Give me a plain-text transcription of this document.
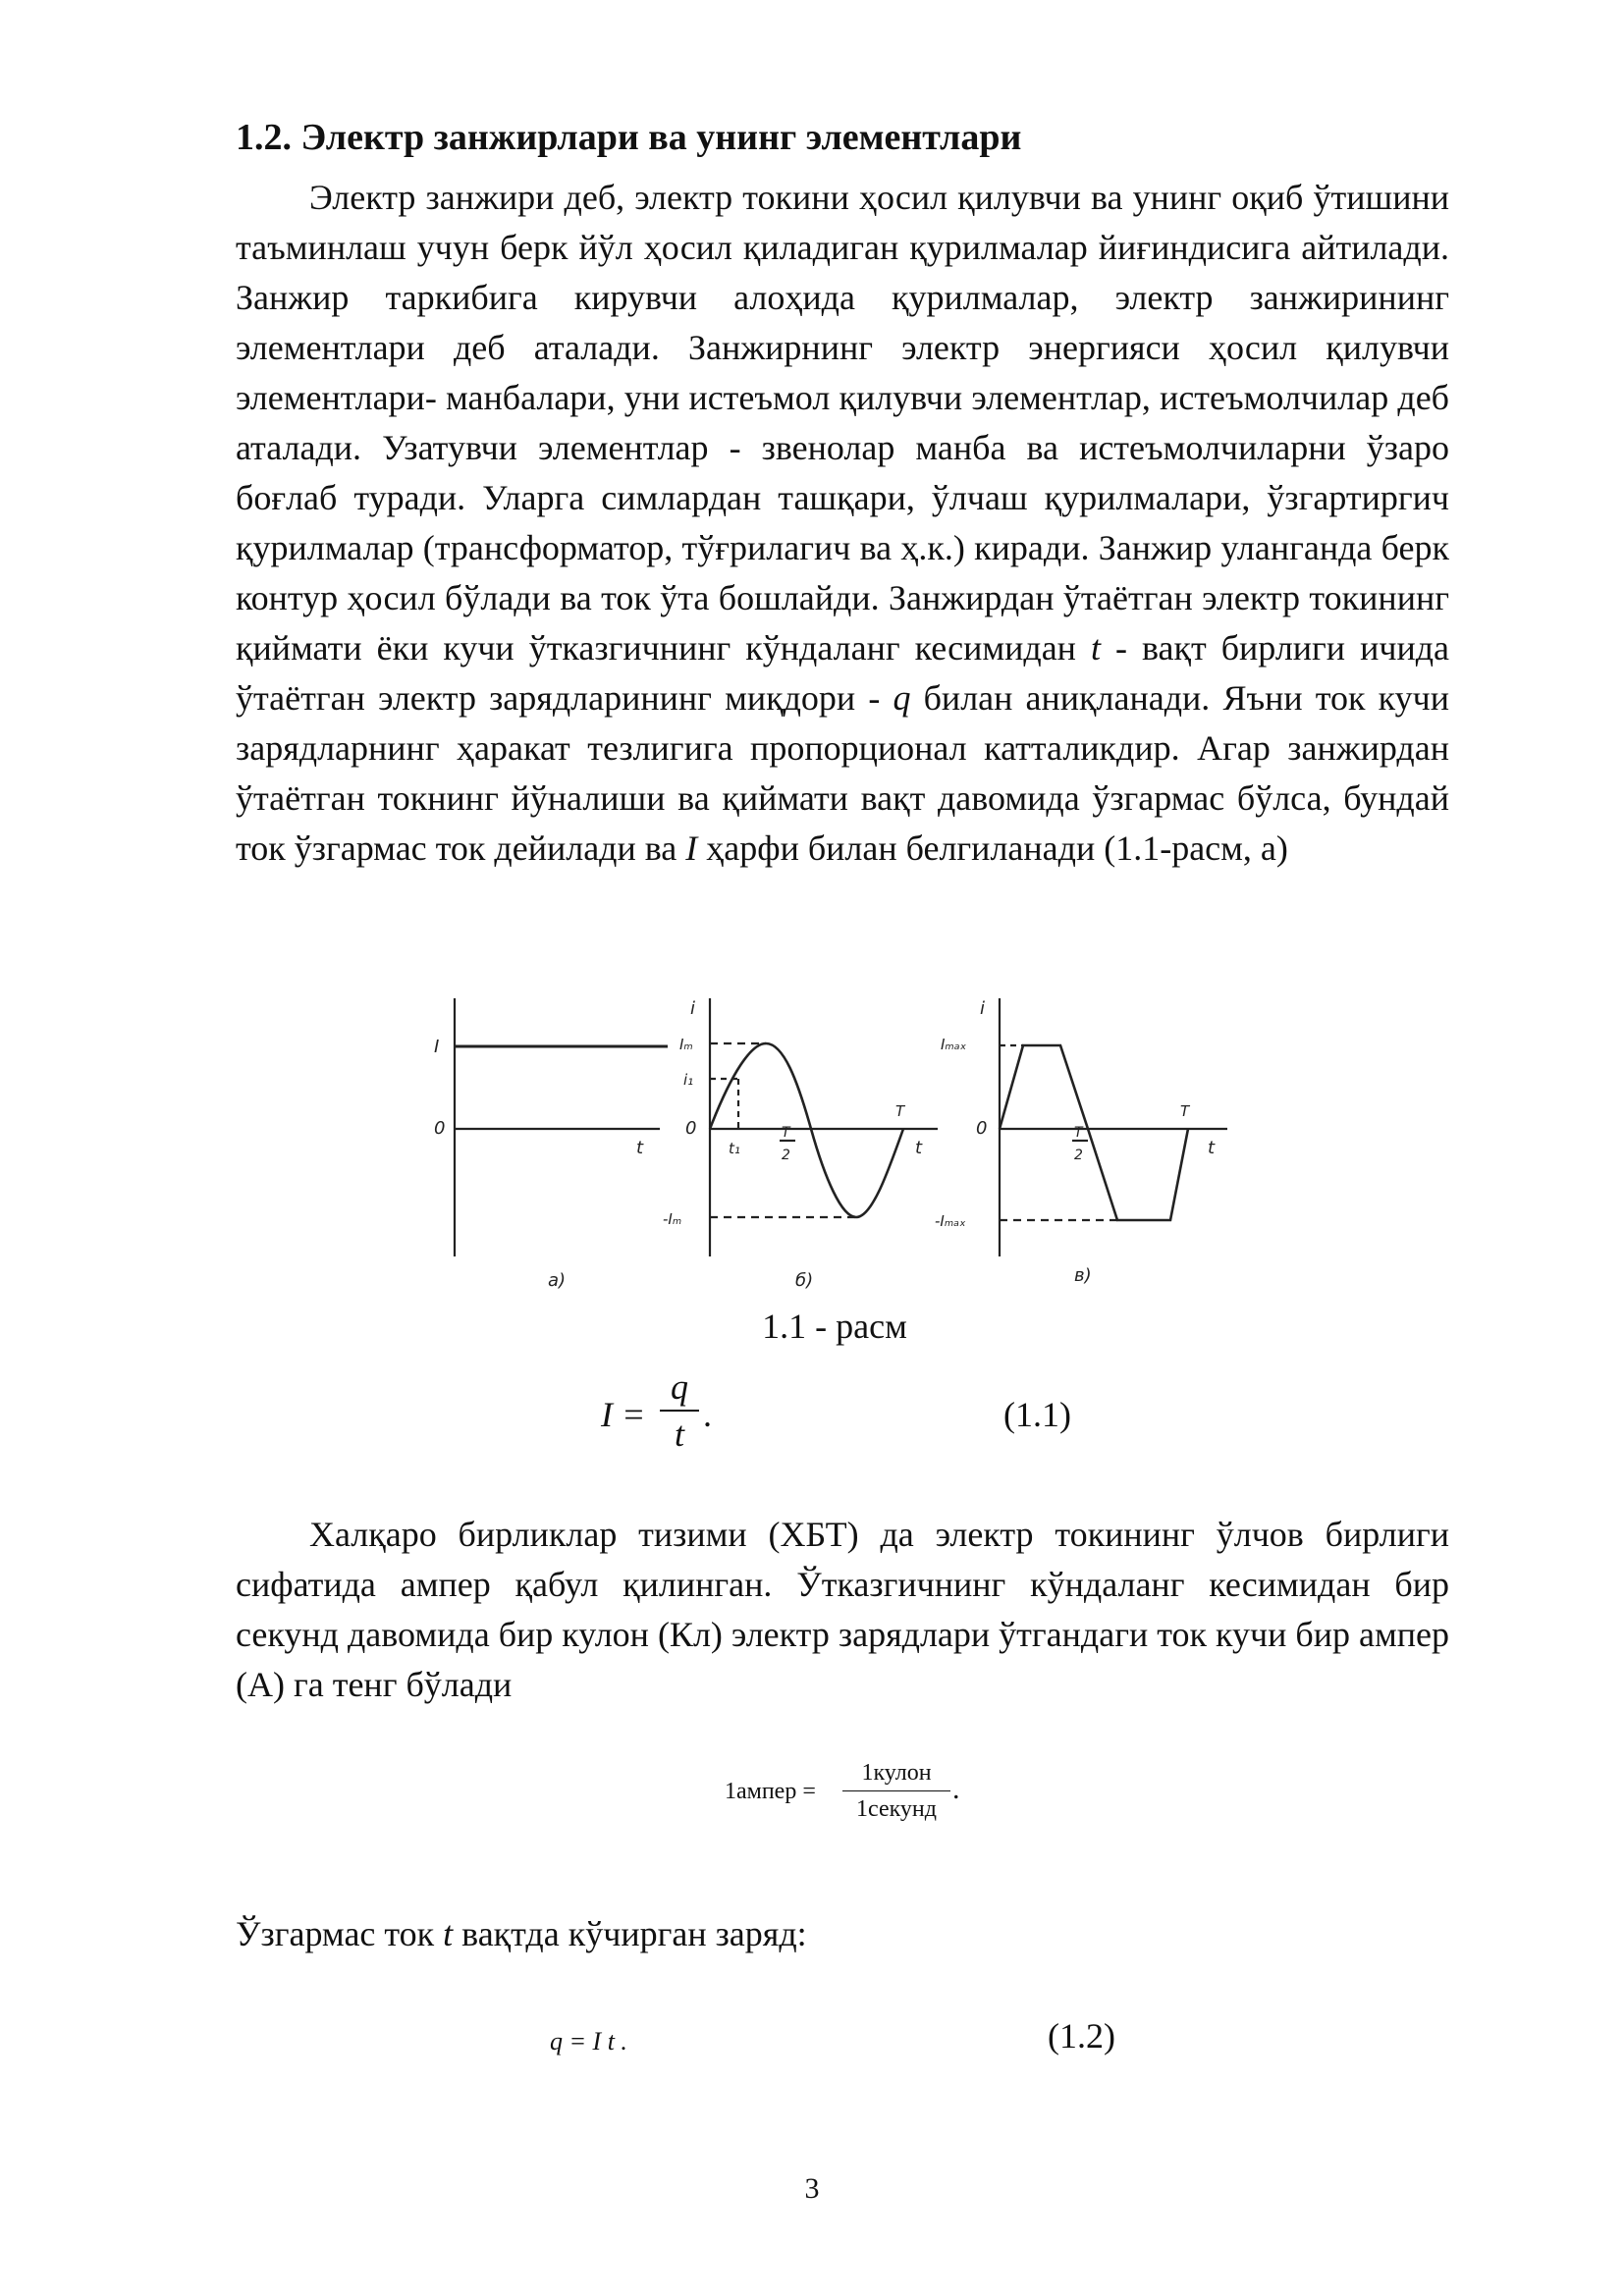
1.2. Электр занжирлари ва унинг элементлари

Электр занжири деб, электр токини ҳосил қилувчи ва унинг оқиб ўтишини таъминлаш учун берк йўл ҳосил қиладиган қурилмалар йиғиндисига айтилади. Занжир таркибига кирувчи алоҳида қурилмалар, электр занжирининг элементлари деб аталади. Занжирнинг электр энергияси ҳосил қилувчи элементлари- манбалари, уни истеъмол қилувчи элементлар, истеъмолчилар деб аталади. Узатувчи элементлар - звенолар манба ва истеъмолчиларни ўзаро боғлаб туради. Уларга симлардан ташқари, ўлчаш қурилмалари, ўзгартиргич қурилмалар (трансформатор, тўғрилагич ва ҳ.к.) киради. Занжир уланганда берк контур ҳосил бўлади ва ток ўта бошлайди. Занжирдан ўтаётган электр токининг қиймати ёки кучи ўтказгичнинг кўндаланг кесимидан t - вақт бирлиги ичида ўтаётган электр зарядларининг миқдори - q билан аниқланади. Яъни ток кучи зарядларнинг ҳаракат тезлигига пропорционал катталикдир. Агар занжирдан ўтаётган токнинг йўналиши ва қиймати вақт давомида ўзгармас бўлса, бундай ток ўзгармас ток дейилади ва I ҳарфи билан белгиланади (1.1-расм, а)

I
0
t
а)
i
Iₘ
i₁
0
t₁
T
2
T
t
-Iₘ
б)
i
Iₘₐₓ
0	T
2
T
t
-Iₘₐₓ
в)
1.1 - расм
I =
q
t .	(1.1)

Халқаро бирликлар тизими (ХБТ) да электр токининг ўлчов бирлиги сифатида ампер қабул қилинган. Ўтказгичнинг кўндаланг кесимидан бир секунд давомида бир кулон (Кл) электр зарядлари ўтгандаги ток кучи бир ампер (А) га тенг бўлади

1ампер =
1кулон
1секунд
.

Ўзгармас ток t вақтда кўчирган заряд:

q = I t .	(1.2)
3
